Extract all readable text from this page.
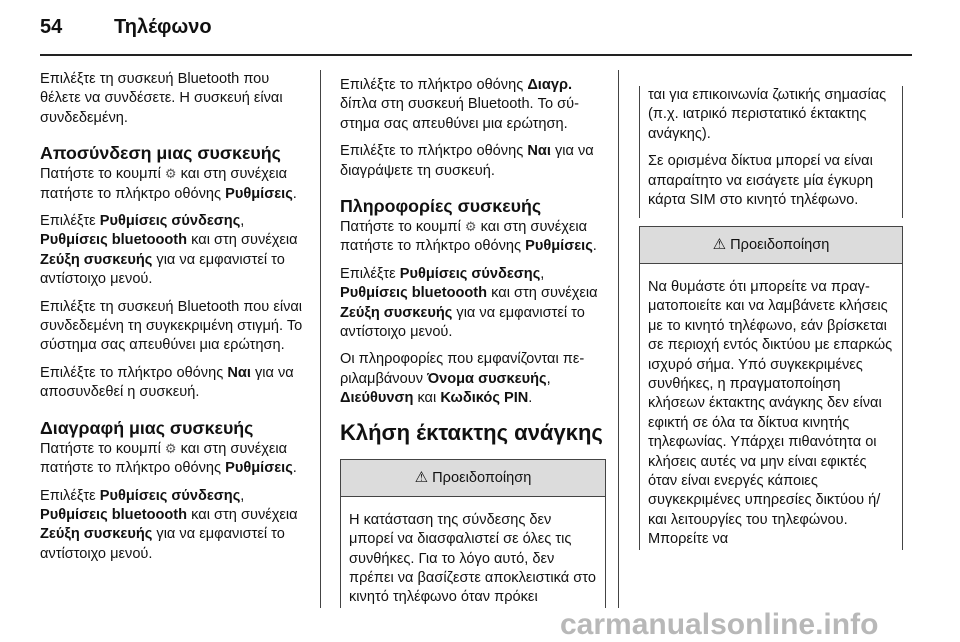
54	Τηλέφωνο

Επιλέξτε τη συσκευή Bluetooth που θέλετε να συνδέσετε. Η συσκευή είναι συνδεδεμένη.

Αποσύνδεση μιας συσκευής

Πατήστε το κουμπί ⚙ και στη συνέχεια πατήστε το πλήκτρο οθόνης Ρυθμίσεις.

Επιλέξτε Ρυθμίσεις σύνδεσης, Ρυθμίσεις bluetoooth και στη συνέχεια Ζεύξη συσκευής για να εμφανιστεί το αντίστοιχο μενού.

Επιλέξτε τη συσκευή Bluetooth που είναι συνδεδεμένη τη συγκεκριμένη στιγμή. Το σύστημα σας απευθύνει μια ερώτηση.

Επιλέξτε το πλήκτρο οθόνης Ναι για να αποσυνδεθεί η συσκευή.

Διαγραφή μιας συσκευής

Πατήστε το κουμπί ⚙ και στη συνέχεια πατήστε το πλήκτρο οθόνης Ρυθμίσεις.

Επιλέξτε Ρυθμίσεις σύνδεσης, Ρυθμίσεις bluetoooth και στη συνέχεια Ζεύξη συσκευής για να εμφανιστεί το αντίστοιχο μενού.

Επιλέξτε το πλήκτρο οθόνης Διαγρ. δίπλα στη συσκευή Bluetooth. Το σύστημα σας απευθύνει μια ερώτηση.

Επιλέξτε το πλήκτρο οθόνης Ναι για να διαγράψετε τη συσκευή.

Πληροφορίες συσκευής

Πατήστε το κουμπί ⚙ και στη συνέχεια πατήστε το πλήκτρο οθόνης Ρυθμίσεις.

Επιλέξτε Ρυθμίσεις σύνδεσης, Ρυθμίσεις bluetoooth και στη συνέχεια Ζεύξη συσκευής για να εμφανιστεί το αντίστοιχο μενού.

Οι πληροφορίες που εμφανίζονται περιλαμβάνουν Όνομα συσκευής, Διεύθυνση και Κωδικός PIN.

Κλήση έκτακτης ανάγκης
⚠ Προειδοποίηση

Η κατάσταση της σύνδεσης δεν μπορεί να διασφαλιστεί σε όλες τις συνθήκες. Για το λόγο αυτό, δεν πρέπει να βασίζεστε αποκλειστικά στο κινητό τηλέφωνο όταν πρόκει

ται για επικοινωνία ζωτικής σημασίας (π.χ. ιατρικό περιστατικό έκτακτης ανάγκης).

Σε ορισμένα δίκτυα μπορεί να είναι απαραίτητο να εισάγετε μία έγκυρη κάρτα SIM στο κινητό τηλέφωνο.

⚠ Προειδοποίηση

Να θυμάστε ότι μπορείτε να πραγματοποιείτε και να λαμβάνετε κλήσεις με το κινητό τηλέφωνο, εάν βρίσκεται σε περιοχή εντός δικτύου με επαρκώς ισχυρό σήμα. Υπό συγκεκριμένες συνθήκες, η πραγματοποίηση κλήσεων έκτακτης ανάγκης δεν είναι εφικτή σε όλα τα δίκτυα κινητής τηλεφωνίας. Υπάρχει πιθανότητα οι κλήσεις αυτές να μην είναι εφικτές όταν είναι ενεργές κάποιες συγκεκριμένες υπηρεσίες δικτύου ή/και λειτουργίες του τηλεφώνου. Μπορείτε να

carmanualsonline.info
